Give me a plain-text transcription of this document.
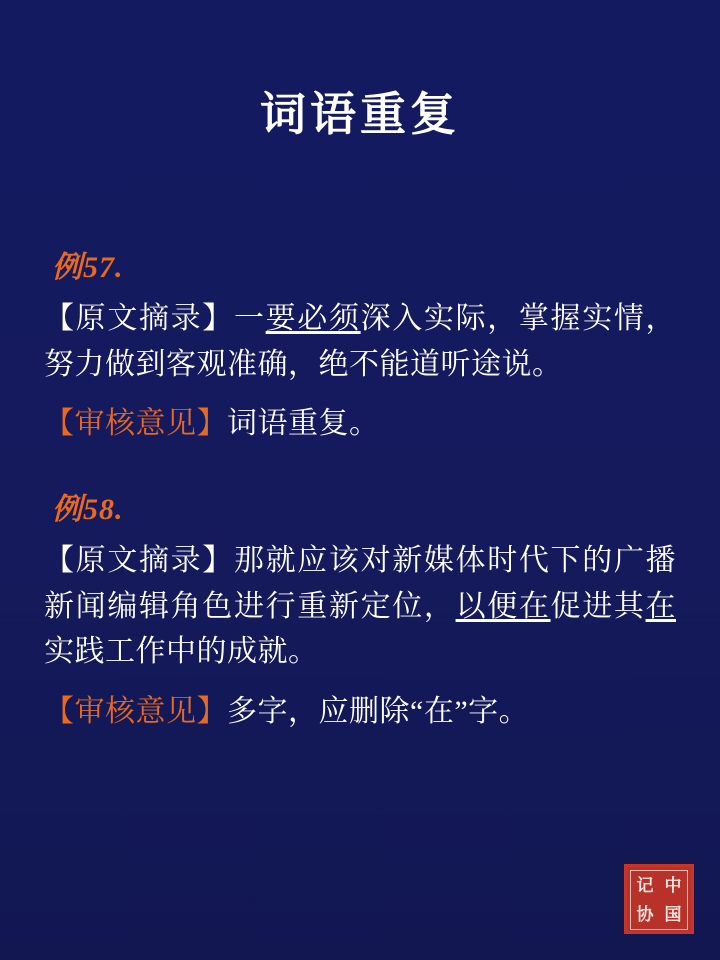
词语重复
例57.

【原文摘录】一要必须深入实际，掌握实情，努力做到客观准确，绝不能道听途说。

【审核意见】词语重复。

例58.

【原文摘录】那就应该对新媒体时代下的广播新闻编辑角色进行重新定位，以便在促进其在实践工作中的成就。

【审核意见】多字，应删除“在”字。

记 中
协 国
